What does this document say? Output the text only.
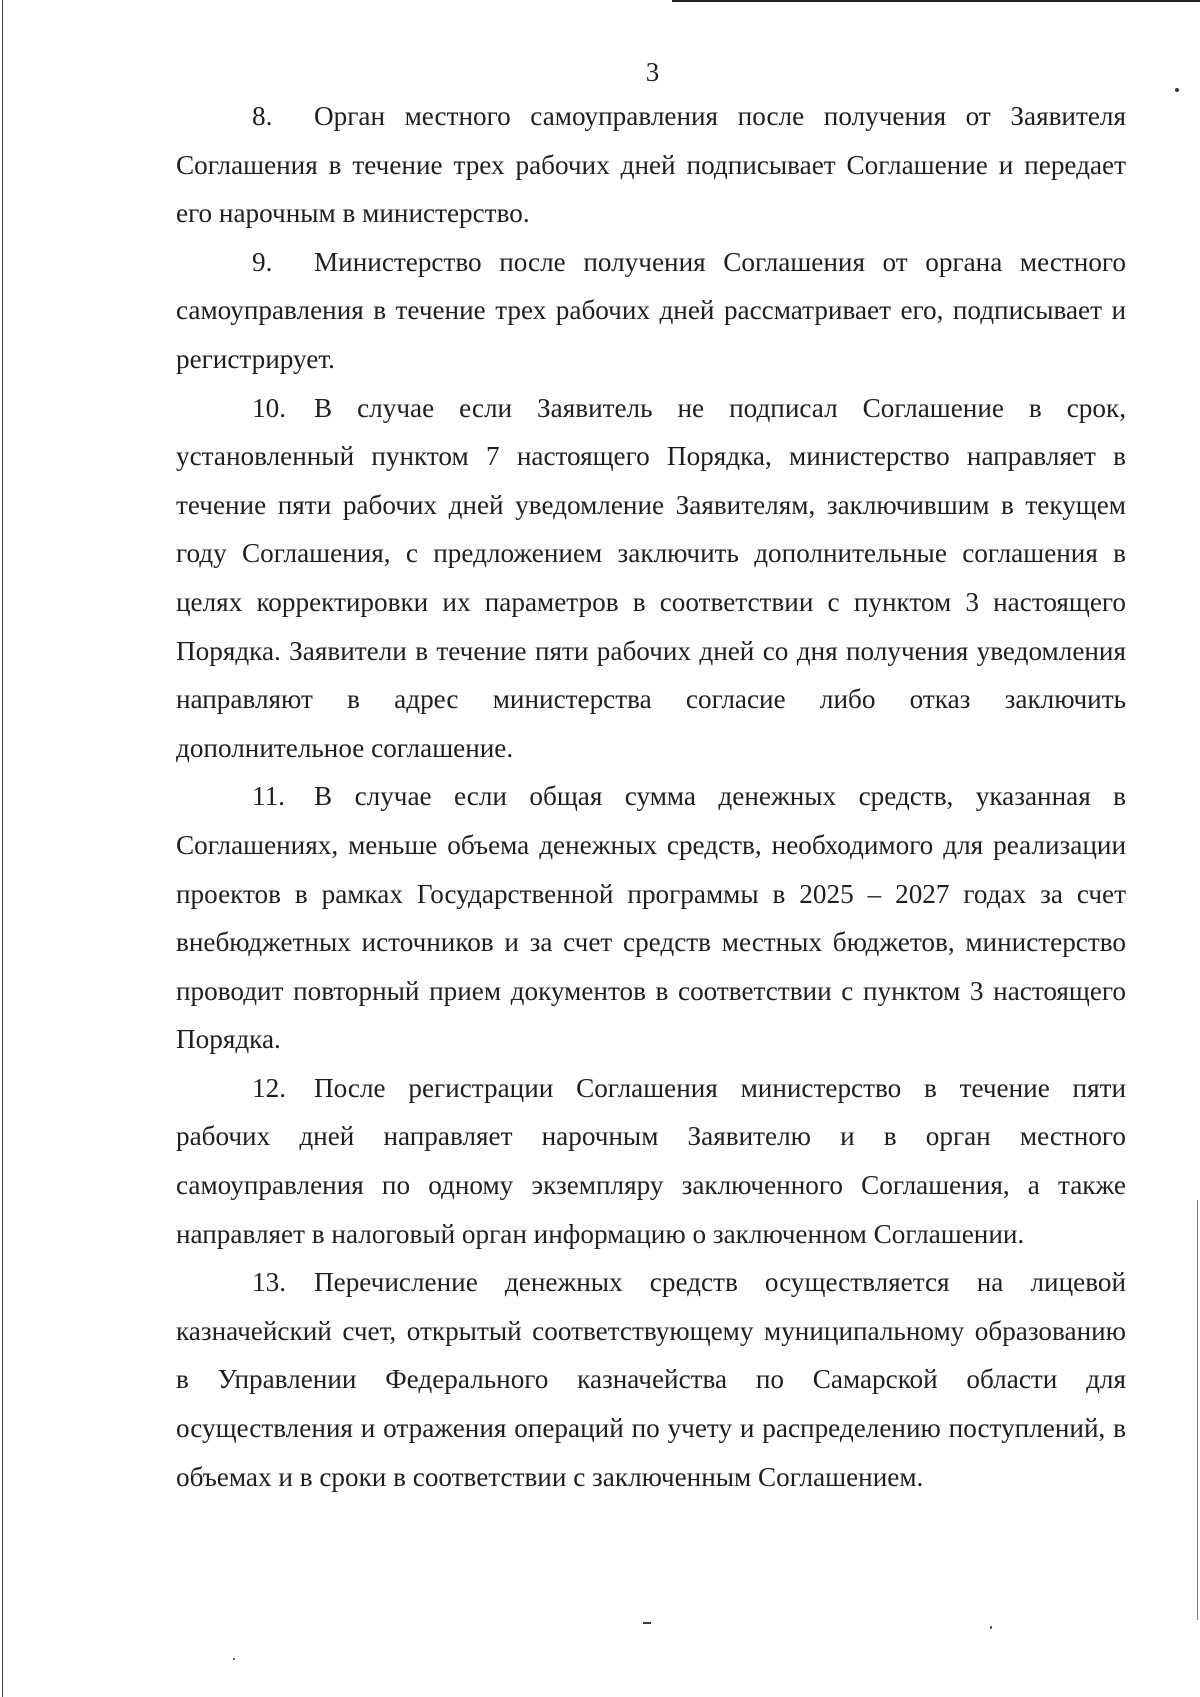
3

8. Орган местного самоуправления после получения от Заявителя Соглашения в течение трех рабочих дней подписывает Соглашение и передает его нарочным в министерство.

9. Министерство после получения Соглашения от органа местного самоуправления в течение трех рабочих дней рассматривает его, подписывает и регистрирует.

10. В случае если Заявитель не подписал Соглашение в срок, установленный пунктом 7 настоящего Порядка, министерство направляет в течение пяти рабочих дней уведомление Заявителям, заключившим в текущем году Соглашения, с предложением заключить дополнительные соглашения в целях корректировки их параметров в соответствии с пунктом 3 настоящего Порядка. Заявители в течение пяти рабочих дней со дня получения уведомления направляют в адрес министерства согласие либо отказ заключить дополнительное соглашение.

11. В случае если общая сумма денежных средств, указанная в Соглашениях, меньше объема денежных средств, необходимого для реализации проектов в рамках Государственной программы в 2025 – 2027 годах за счет внебюджетных источников и за счет средств местных бюджетов, министерство проводит повторный прием документов в соответствии с пунктом 3 настоящего Порядка.

12. После регистрации Соглашения министерство в течение пяти рабочих дней направляет нарочным Заявителю и в орган местного самоуправления по одному экземпляру заключенного Соглашения, а также направляет в налоговый орган информацию о заключенном Соглашении.

13. Перечисление денежных средств осуществляется на лицевой казначейский счет, открытый соответствующему муниципальному образованию в Управлении Федерального казначейства по Самарской области для осуществления и отражения операций по учету и распределению поступлений, в объемах и в сроки в соответствии с заключенным Соглашением.
